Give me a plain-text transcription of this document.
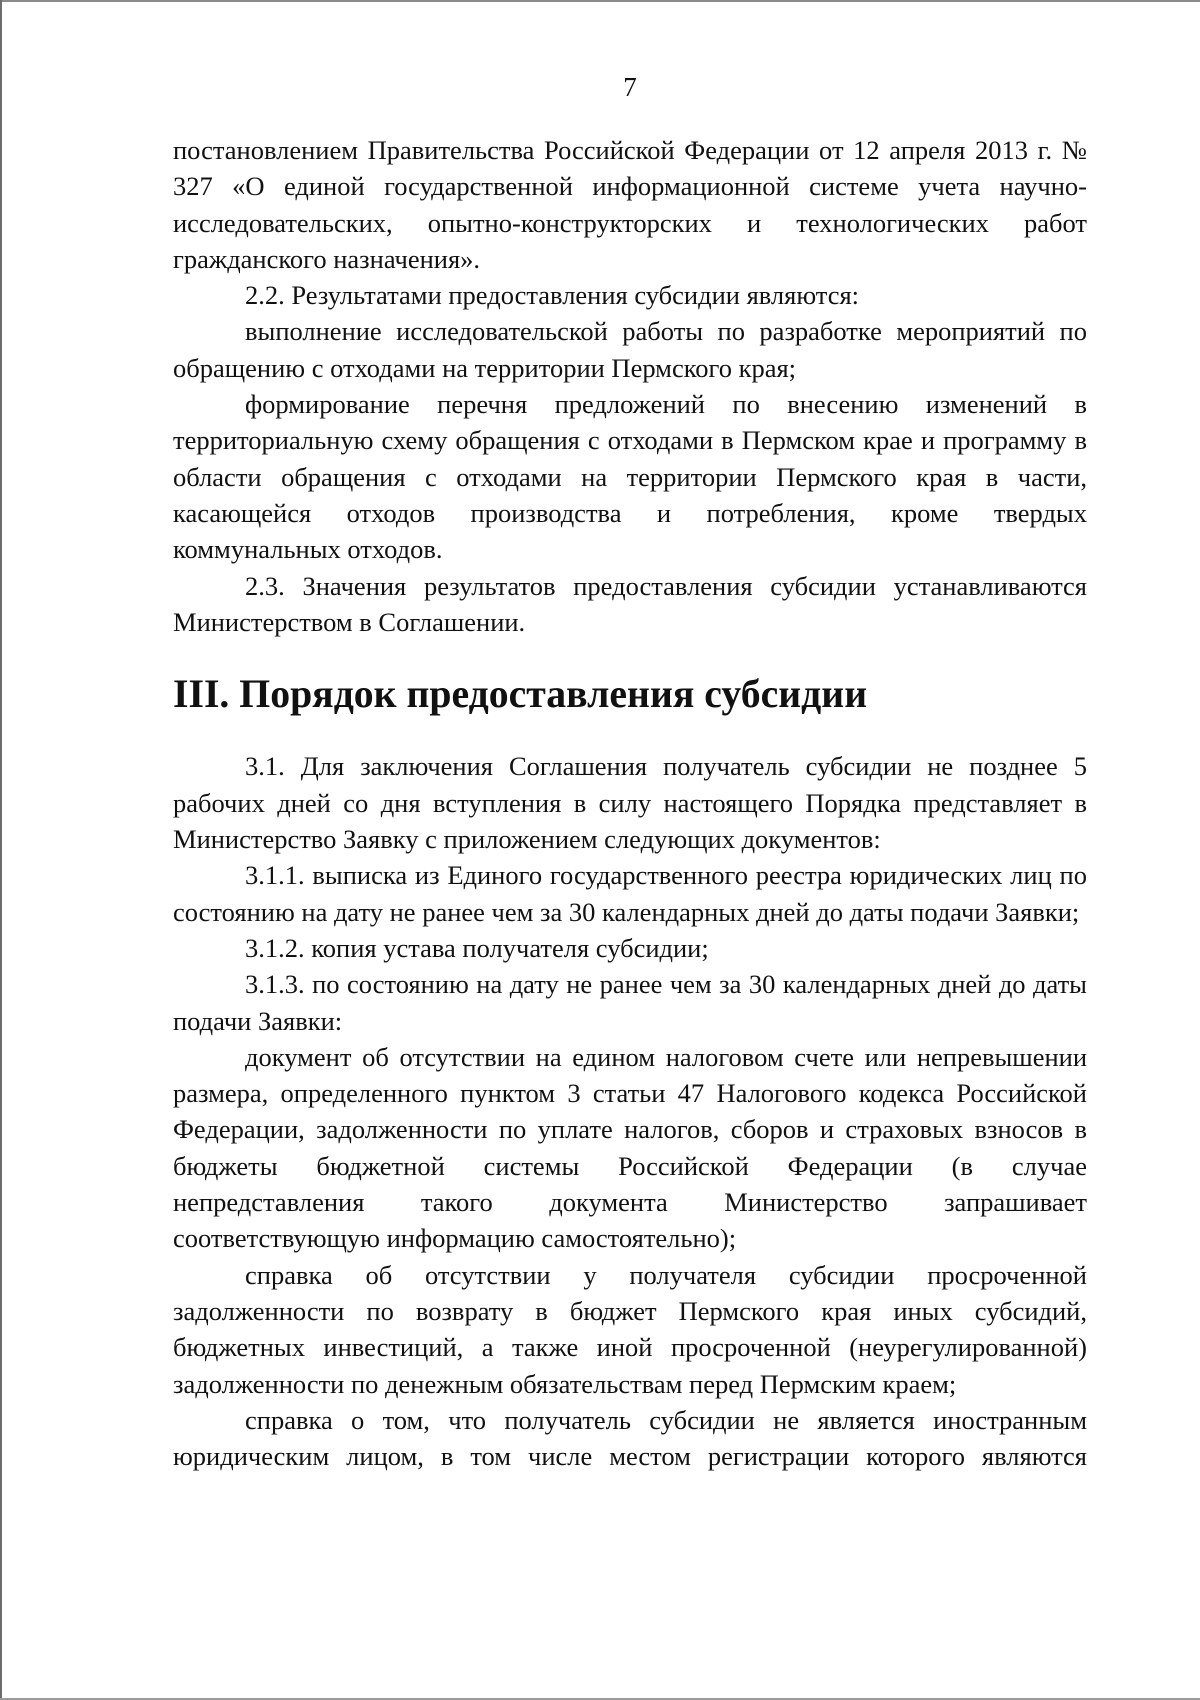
7

постановлением Правительства Российской Федерации от 12 апреля 2013 г. № 327 «О единой государственной информационной системе учета научно-исследовательских, опытно-конструкторских и технологических работ гражданского назначения».

2.2. Результатами предоставления субсидии являются:

выполнение исследовательской работы по разработке мероприятий по обращению с отходами на территории Пермского края;

формирование перечня предложений по внесению изменений в территориальную схему обращения с отходами в Пермском крае и программу в области обращения с отходами на территории Пермского края в части, касающейся отходов производства и потребления, кроме твердых коммунальных отходов.

2.3. Значения результатов предоставления субсидии устанавливаются Министерством в Соглашении.

III. Порядок предоставления субсидии

3.1. Для заключения Соглашения получатель субсидии не позднее 5 рабочих дней со дня вступления в силу настоящего Порядка представляет в Министерство Заявку с приложением следующих документов:

3.1.1. выписка из Единого государственного реестра юридических лиц по состоянию на дату не ранее чем за 30 календарных дней до даты подачи Заявки;

3.1.2. копия устава получателя субсидии;

3.1.3. по состоянию на дату не ранее чем за 30 календарных дней до даты подачи Заявки:

документ об отсутствии на едином налоговом счете или непревышении размера, определенного пунктом 3 статьи 47 Налогового кодекса Российской Федерации, задолженности по уплате налогов, сборов и страховых взносов в бюджеты бюджетной системы Российской Федерации (в случае непредставления такого документа Министерство запрашивает соответствующую информацию самостоятельно);

справка об отсутствии у получателя субсидии просроченной задолженности по возврату в бюджет Пермского края иных субсидий, бюджетных инвестиций, а также иной просроченной (неурегулированной) задолженности по денежным обязательствам перед Пермским краем;

справка о том, что получатель субсидии не является иностранным юридическим лицом, в том числе местом регистрации которого являются
